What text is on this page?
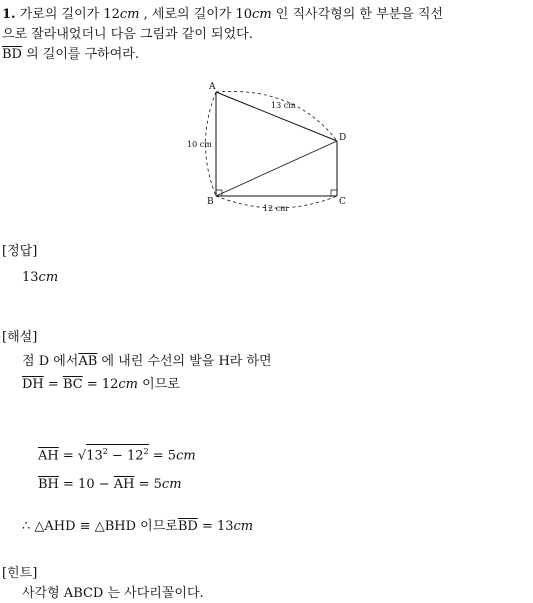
1. 가로의 길이가 12cm , 세로의 길이가 10cm 인 직사각형의 한 부분을 직선
으로 잘라내었더니 다음 그림과 같이 되었다.
$\overline{BD}$ 의 길이를 구하여라.
A
B	C
D
13 cm
10 cm
12 cm
[정답]
13cm
[해설]
점 D 에서$\overline{AB}$ 에 내린 수선의 발을 H라 하면
$\overline{DH} = \overline{BC} = 12cm$ 이므로
$\overline{AH} = √13^2 - 12^2 = 5cm$
$\overline{BH} = 10 - \overline{AH} = 5cm$
∴ △AHD ≡ △BHD 이므로$\overline{BD} = 13cm$
[힌트]
사각형 ABCD 는 사다리꼴이다.
